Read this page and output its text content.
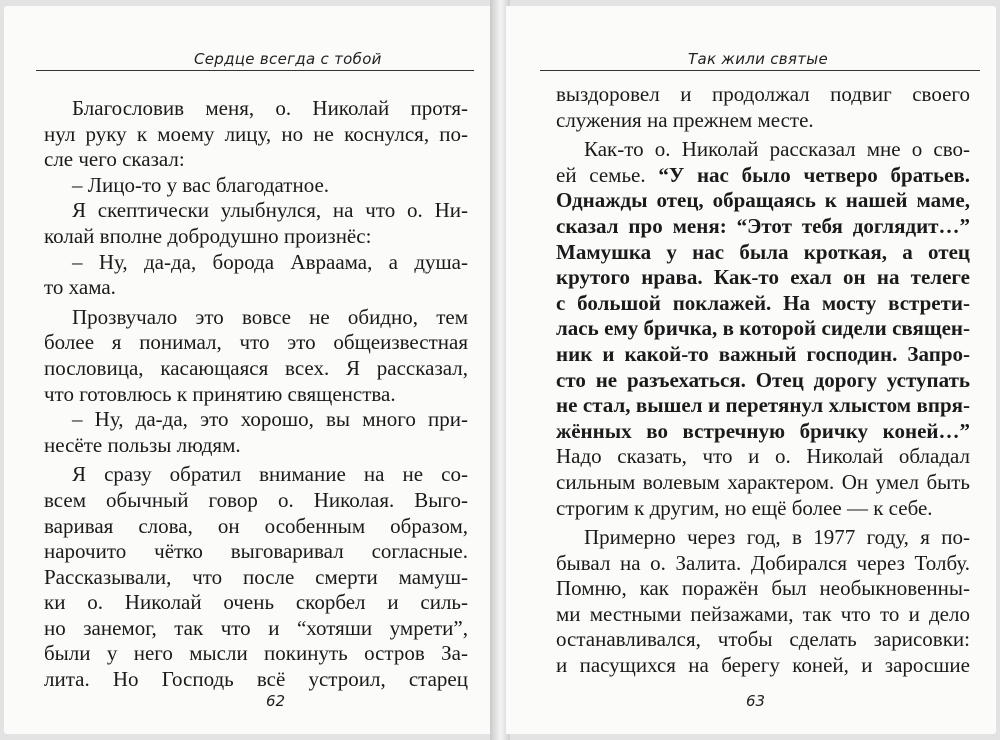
Сердце всегда с тобой
Благословив меня, о. Николай протя-
нул руку к моему лицу, но не коснулся, по-
сле чего сказал:
– Лицо-то у вас благодатное.
Я скептически улыбнулся, на что о. Ни-
колай вполне добродушно произнёс:
– Ну, да-да, борода Авраама, а душа-
то хама.
Прозвучало это вовсе не обидно, тем
более я понимал, что это общеизвестная
пословица, касающаяся всех. Я рассказал,
что готовлюсь к принятию священства.
– Ну, да-да, это хорошо, вы много при-
несёте пользы людям.
Я сразу обратил внимание на не со-
всем обычный говор о. Николая. Выго-
варивая слова, он особенным образом,
нарочито чётко выговаривал согласные.
Рассказывали, что после смерти мамуш-
ки о. Николай очень скорбел и силь-
но занемог, так что и “хотяши умрети”,
были у него мысли покинуть остров За-
лита. Но Господь всё устроил, старец
62
Так жили святые
выздоровел и продолжал подвиг своего
служения на прежнем месте.
Как-то о. Николай рассказал мне о сво-
ей семье. “У нас было четверо братьев.
Однажды отец, обращаясь к нашей маме,
сказал про меня: “Этот тебя доглядит…”
Мамушка у нас была кроткая, а отец
крутого нрава. Как-то ехал он на телеге
с большой поклажей. На мосту встрети-
лась ему бричка, в которой сидели священ-
ник и какой-то важный господин. Запро-
сто не разъехаться. Отец дорогу уступать
не стал, вышел и перетянул хлыстом впря-
жённых во встречную бричку коней…”
Надо сказать, что и о. Николай обладал
сильным волевым характером. Он умел быть
строгим к другим, но ещё более — к себе.
Примерно через год, в 1977 году, я по-
бывал на о. Залита. Добирался через Толбу.
Помню, как поражён был необыкновенны-
ми местными пейзажами, так что то и дело
останавливался, чтобы сделать зарисовки:
и пасущихся на берегу коней, и заросшие
63
